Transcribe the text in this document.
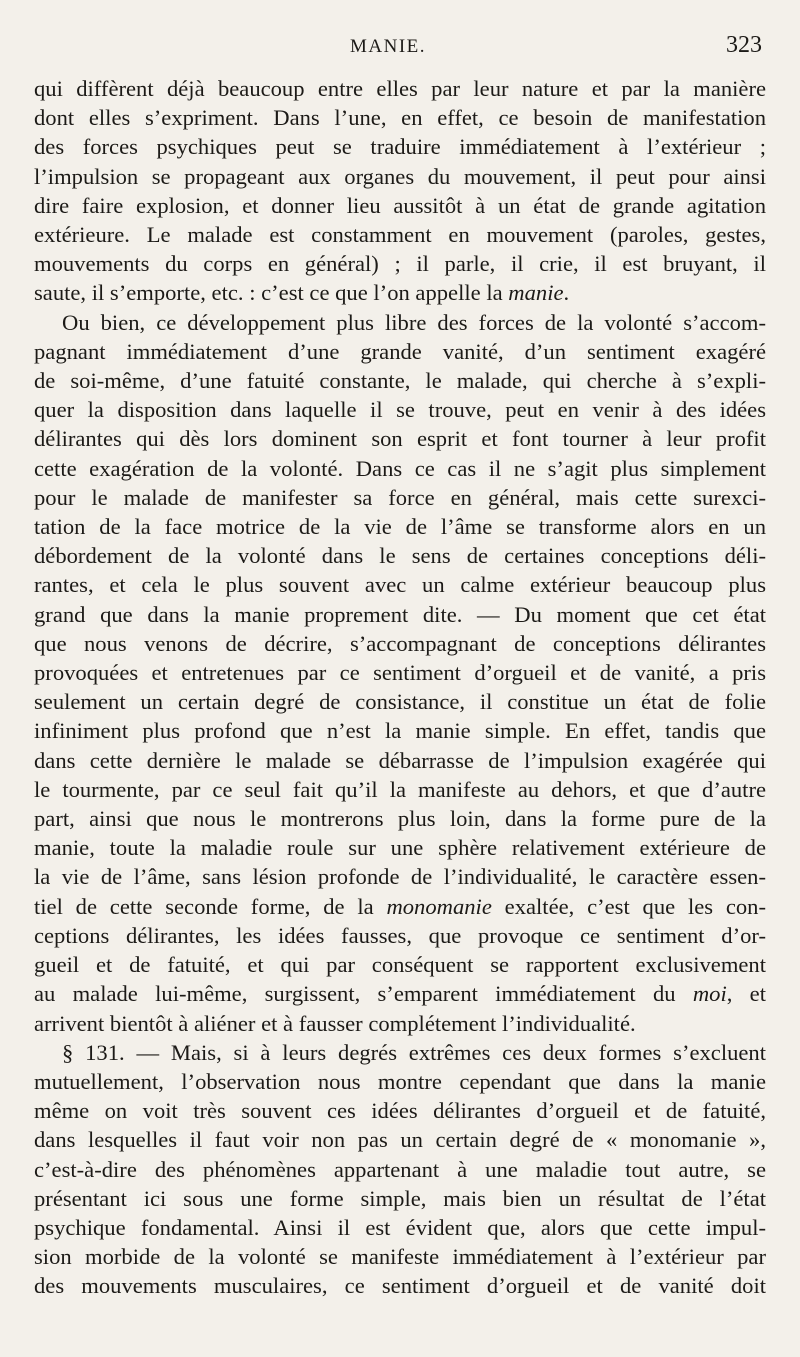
MANIE.	323
qui diffèrent déjà beaucoup entre elles par leur nature et par la manière
dont elles s’expriment. Dans l’une, en effet, ce besoin de manifestation
des forces psychiques peut se traduire immédiatement à l’extérieur ;
l’impulsion se propageant aux organes du mouvement, il peut pour ainsi
dire faire explosion, et donner lieu aussitôt à un état de grande agitation
extérieure. Le malade est constamment en mouvement (paroles, gestes,
mouvements du corps en général) ; il parle, il crie, il est bruyant, il
saute, il s’emporte, etc. : c’est ce que l’on appelle la manie.
Ou bien, ce développement plus libre des forces de la volonté s’accom-
pagnant immédiatement d’une grande vanité, d’un sentiment exagéré
de soi-même, d’une fatuité constante, le malade, qui cherche à s’expli-
quer la disposition dans laquelle il se trouve, peut en venir à des idées
délirantes qui dès lors dominent son esprit et font tourner à leur profit
cette exagération de la volonté. Dans ce cas il ne s’agit plus simplement
pour le malade de manifester sa force en général, mais cette surexci-
tation de la face motrice de la vie de l’âme se transforme alors en un
débordement de la volonté dans le sens de certaines conceptions déli-
rantes, et cela le plus souvent avec un calme extérieur beaucoup plus
grand que dans la manie proprement dite. — Du moment que cet état
que nous venons de décrire, s’accompagnant de conceptions délirantes
provoquées et entretenues par ce sentiment d’orgueil et de vanité, a pris
seulement un certain degré de consistance, il constitue un état de folie
infiniment plus profond que n’est la manie simple. En effet, tandis que
dans cette dernière le malade se débarrasse de l’impulsion exagérée qui
le tourmente, par ce seul fait qu’il la manifeste au dehors, et que d’autre
part, ainsi que nous le montrerons plus loin, dans la forme pure de la
manie, toute la maladie roule sur une sphère relativement extérieure de
la vie de l’âme, sans lésion profonde de l’individualité, le caractère essen-
tiel de cette seconde forme, de la monomanie exaltée, c’est que les con-
ceptions délirantes, les idées fausses, que provoque ce sentiment d’or-
gueil et de fatuité, et qui par conséquent se rapportent exclusivement
au malade lui-même, surgissent, s’emparent immédiatement du moi, et
arrivent bientôt à aliéner et à fausser complétement l’individualité.
§ 131. — Mais, si à leurs degrés extrêmes ces deux formes s’excluent
mutuellement, l’observation nous montre cependant que dans la manie
même on voit très souvent ces idées délirantes d’orgueil et de fatuité,
dans lesquelles il faut voir non pas un certain degré de « monomanie »,
c’est-à-dire des phénomènes appartenant à une maladie tout autre, se
présentant ici sous une forme simple, mais bien un résultat de l’état
psychique fondamental. Ainsi il est évident que, alors que cette impul-
sion morbide de la volonté se manifeste immédiatement à l’extérieur par
des mouvements musculaires, ce sentiment d’orgueil et de vanité doit
